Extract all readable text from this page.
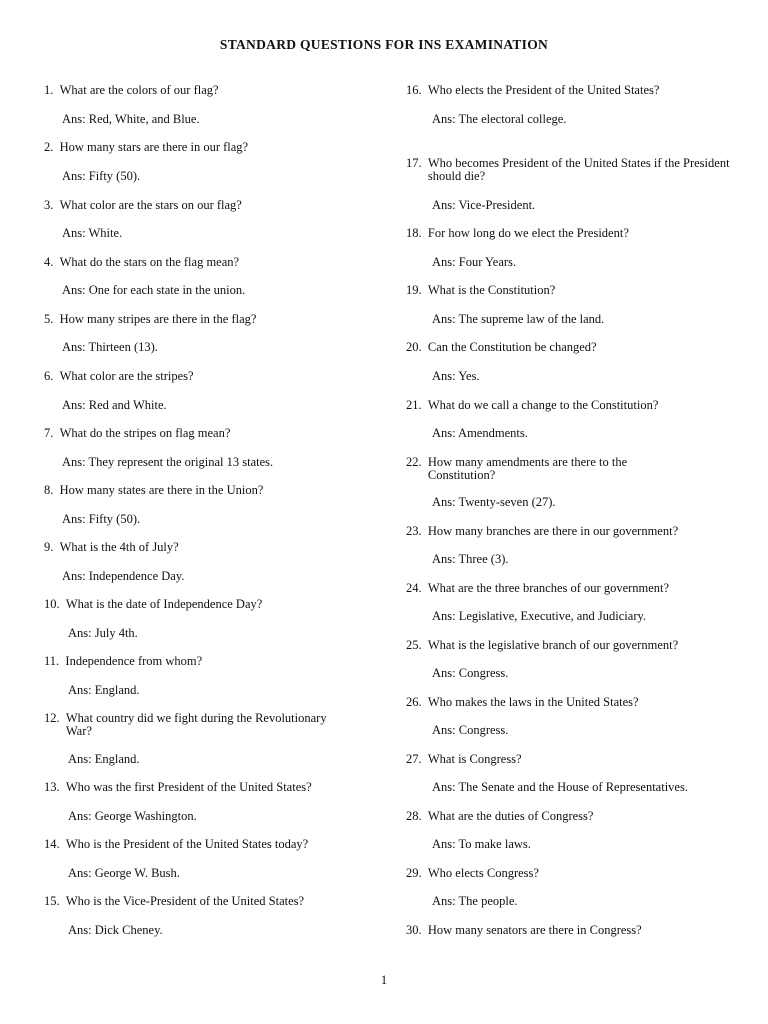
STANDARD QUESTIONS FOR INS EXAMINATION
1.
What are the colors of our flag?
Ans: Red, White, and Blue.
2.
How many stars are there in our flag?
Ans: Fifty (50).
3.
What color are the stars on our flag?
Ans: White.
4.
What do the stars on the flag mean?
Ans: One for each state in the union.
5.
How many stripes are there in the flag?
Ans: Thirteen (13).
6.
What color are the stripes?
Ans: Red and White.
7.
What do the stripes on flag mean?
Ans: They represent the original 13 states.
8.
How many states are there in the Union?
Ans: Fifty (50).
9.
What is the 4th of July?
Ans: Independence Day.
10.
What is the date of Independence Day?
Ans: July 4th.
11.
Independence from whom?
Ans: England.
12.
What country did we fight during the Revolutionary War?
Ans: England.
13.
Who was the first President of the United States?
Ans: George Washington.
14.
Who is the President of the United States today?
Ans: George W. Bush.
15.
Who is the Vice-President of the United States?
Ans: Dick Cheney.
16.
Who elects the President of the United States?
Ans: The electoral college.
17.
Who becomes President of the United States if the President should die?
Ans: Vice-President.
18.
For how long do we elect the President?
Ans: Four Years.
19.
What is the Constitution?
Ans: The supreme law of the land.
20.
Can the Constitution be changed?
Ans: Yes.
21.
What do we call a change to the Constitution?
Ans: Amendments.
22.
How many amendments are there to the Constitution?
Ans: Twenty-seven (27).
23.
How many branches are there in our government?
Ans: Three (3).
24.
What are the three branches of our government?
Ans: Legislative, Executive, and Judiciary.
25.
What is the legislative branch of our government?
Ans: Congress.
26.
Who makes the laws in the United States?
Ans: Congress.
27.
What is Congress?
Ans: The Senate and the House of Representatives.
28.
What are the duties of Congress?
Ans: To make laws.
29.
Who elects Congress?
Ans: The people.
30.
How many senators are there in Congress?
1
